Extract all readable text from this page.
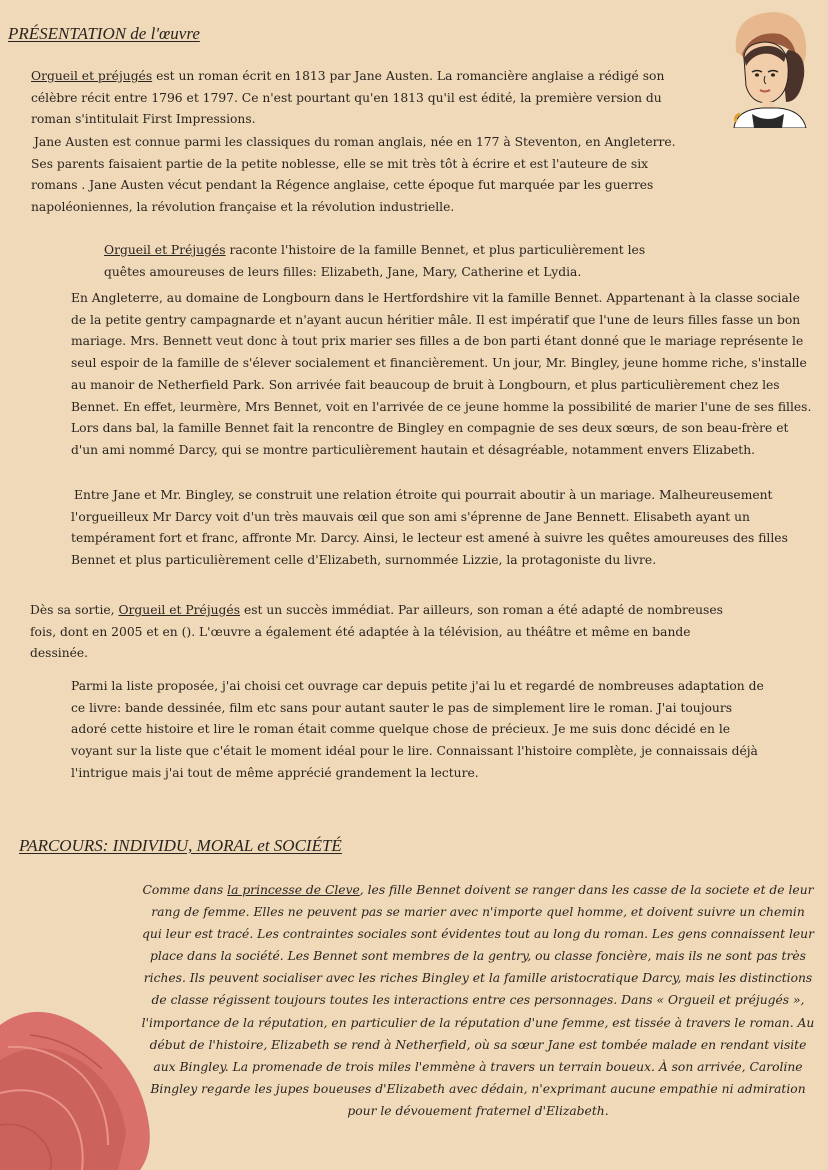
PRÉSENTATION de l'œuvre

Orgueil et préjugés est un roman écrit en 1813 par Jane Austen. La romancière anglaise a rédigé son célèbre récit entre 1796 et 1797. Ce n'est pourtant qu'en 1813 qu'il est édité, la première version du roman s'intitulait First Impressions.

Jane Austen est connue parmi les classiques du roman anglais, née en 177 à Steventon, en Angleterre. Ses parents faisaient partie de la petite noblesse, elle se mit très tôt à écrire et est l'auteure de six romans . Jane Austen vécut pendant la Régence anglaise, cette époque fut marquée par les guerres napoléoniennes, la révolution française et la révolution industrielle.

Orgueil et Préjugés raconte l'histoire de la famille Bennet, et plus particulièrement les quêtes amoureuses de leurs filles: Elizabeth, Jane, Mary, Catherine et Lydia.

En Angleterre, au domaine de Longbourn dans le Hertfordshire vit la famille Bennet. Appartenant à la classe sociale de la petite gentry campagnarde et n'ayant aucun héritier mâle. Il est impératif que l'une de leurs filles fasse un bon mariage. Mrs. Bennett veut donc à tout prix marier ses filles a de bon parti étant donné que le mariage représente le seul espoir de la famille de s'élever socialement et financièrement. Un jour, Mr. Bingley, jeune homme riche, s'installe au manoir de Netherfield Park. Son arrivée fait beaucoup de bruit à Longbourn, et plus particulièrement chez les Bennet. En effet, leurmère, Mrs Bennet, voit en l'arrivée de ce jeune homme la possibilité de marier l'une de ses filles. Lors dans bal, la famille Bennet fait la rencontre de Bingley en compagnie de ses deux sœurs, de son beau-frère et d'un ami nommé Darcy, qui se montre particulièrement hautain et désagréable, notamment envers Elizabeth.

Entre Jane et Mr. Bingley, se construit une relation étroite qui pourrait aboutir à un mariage. Malheureusement l'orgueilleux Mr Darcy voit d'un très mauvais œil que son ami s'éprenne de Jane Bennett. Elisabeth ayant un tempérament fort et franc, affronte Mr. Darcy. Ainsi, le lecteur est amené à suivre les quêtes amoureuses des filles Bennet et plus particulièrement celle d'Elizabeth, surnommée Lizzie, la protagoniste du livre.

Dès sa sortie, Orgueil et Préjugés est un succès immédiat. Par ailleurs, son roman a été adapté de nombreuses fois, dont en 2005 et en (). L'œuvre a également été adaptée à la télévision, au théâtre et même en bande dessinée.

Parmi la liste proposée, j'ai choisi cet ouvrage car depuis petite j'ai lu et regardé de nombreuses adaptation de ce livre: bande dessinée, film etc sans pour autant sauter le pas de simplement lire le roman. J'ai toujours adoré cette histoire et lire le roman était comme quelque chose de précieux. Je me suis donc décidé en le voyant sur la liste que c'était le moment idéal pour le lire. Connaissant l'histoire complète, je connaissais déjà l'intrigue mais j'ai tout de même apprécié grandement la lecture.

PARCOURS: INDIVIDU, MORAL et SOCIÉTÉ

Comme dans la princesse de Cleve, les fille Bennet doivent se ranger dans les casse de la societe et de leur rang de femme. Elles ne peuvent pas se marier avec n'importe quel homme, et doivent suivre un chemin qui leur est tracé. Les contraintes sociales sont évidentes tout au long du roman. Les gens connaissent leur place dans la société. Les Bennet sont membres de la gentry, ou classe foncière, mais ils ne sont pas très riches. Ils peuvent socialiser avec les riches Bingley et la famille aristocratique Darcy, mais les distinctions de classe régissent toujours toutes les interactions entre ces personnages. Dans « Orgueil et préjugés », l'importance de la réputation, en particulier de la réputation d'une femme, est tissée à travers le roman. Au début de l'histoire, Elizabeth se rend à Netherfield, où sa sœur Jane est tombée malade en rendant visite aux Bingley. La promenade de trois miles l'emmène à travers un terrain boueux. À son arrivée, Caroline Bingley regarde les jupes boueuses d'Elizabeth avec dédain, n'exprimant aucune empathie ni admiration pour le dévouement fraternel d'Elizabeth.
